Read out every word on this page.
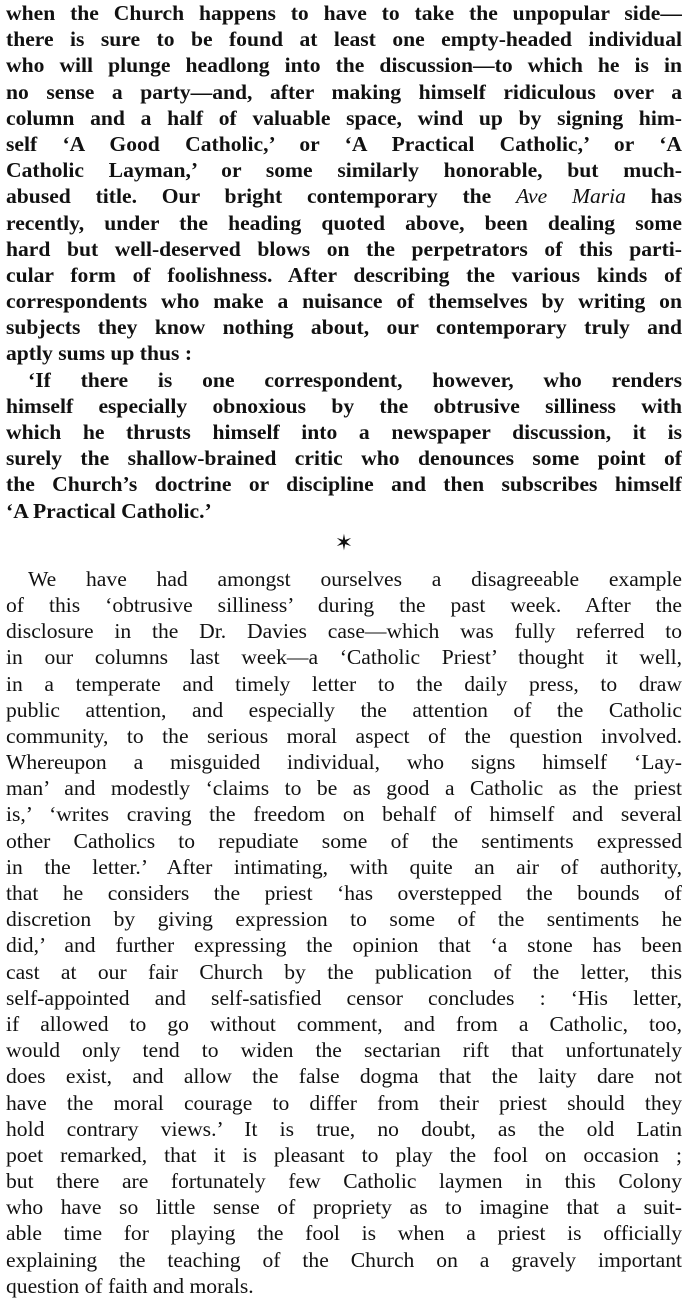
when the Church happens to have to take the unpopular side—
there is sure to be found at least one empty-headed individual
who will plunge headlong into the discussion—to which he is in
no sense a party—and, after making himself ridiculous over a
column and a half of valuable space, wind up by signing him-
self ‘A Good Catholic,’ or ‘A Practical Catholic,’ or ‘A
Catholic Layman,’ or some similarly honorable, but much-
abused title. Our bright contemporary the Ave Maria has
recently, under the heading quoted above, been dealing some
hard but well-deserved blows on the perpetrators of this parti-
cular form of foolishness. After describing the various kinds of
correspondents who make a nuisance of themselves by writing on
subjects they know nothing about, our contemporary truly and
aptly sums up thus :
‘If there is one correspondent, however, who renders
himself especially obnoxious by the obtrusive silliness with
which he thrusts himself into a newspaper discussion, it is
surely the shallow-brained critic who denounces some point of
the Church’s doctrine or discipline and then subscribes himself
‘A Practical Catholic.’
✶
We have had amongst ourselves a disagreeable example
of this ‘obtrusive silliness’ during the past week. After the
disclosure in the Dr. Davies case—which was fully referred to
in our columns last week—a ‘Catholic Priest’ thought it well,
in a temperate and timely letter to the daily press, to draw
public attention, and especially the attention of the Catholic
community, to the serious moral aspect of the question involved.
Whereupon a misguided individual, who signs himself ‘Lay-
man’ and modestly ‘claims to be as good a Catholic as the priest
is,’ ‘writes craving the freedom on behalf of himself and several
other Catholics to repudiate some of the sentiments expressed
in the letter.’ After intimating, with quite an air of authority,
that he considers the priest ‘has overstepped the bounds of
discretion by giving expression to some of the sentiments he
did,’ and further expressing the opinion that ‘a stone has been
cast at our fair Church by the publication of the letter, this
self-appointed and self-satisfied censor concludes : ‘His letter,
if allowed to go without comment, and from a Catholic, too,
would only tend to widen the sectarian rift that unfortunately
does exist, and allow the false dogma that the laity dare not
have the moral courage to differ from their priest should they
hold contrary views.’ It is true, no doubt, as the old Latin
poet remarked, that it is pleasant to play the fool on occasion ;
but there are fortunately few Catholic laymen in this Colony
who have so little sense of propriety as to imagine that a suit-
able time for playing the fool is when a priest is officially
explaining the teaching of the Church on a gravely important
question of faith and morals.
